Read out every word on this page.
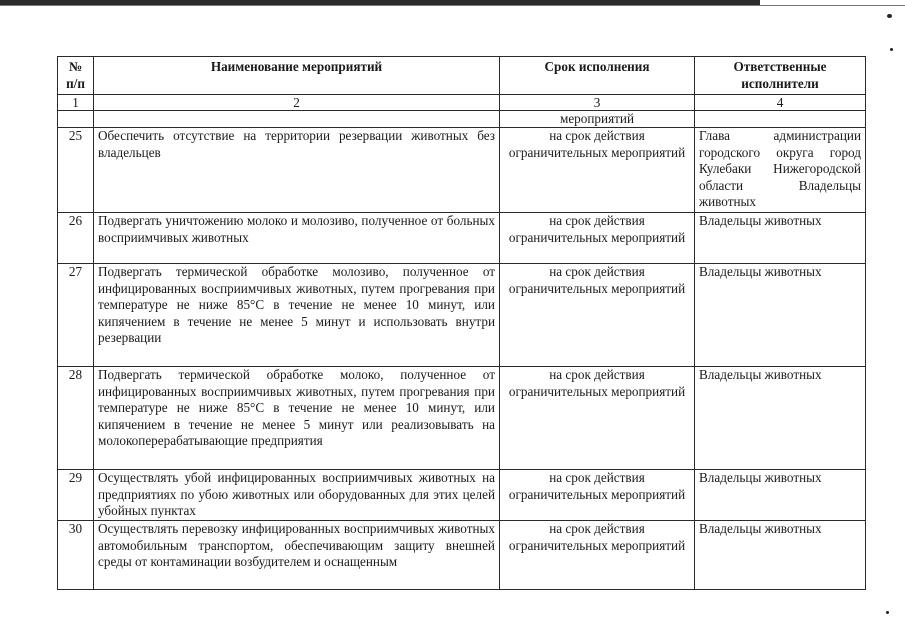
№ п/п	Наименование мероприятий	Срок исполнения	Ответственные исполнители
1	2	3	4
		мероприятий	
25	Обеспечить отсутствие на территории резервации животных без владельцев	на срок действия ограничительных мероприятий	Глава администрации городского округа город Кулебаки Нижегородской области Владельцы животных
26	Подвергать уничтожению молоко и молозиво, полученное от больных восприимчивых животных	на срок действия ограничительных мероприятий	Владельцы животных
27	Подвергать термической обработке молозиво, полученное от инфицированных восприимчивых животных, путем прогревания при температуре не ниже 85°С в течение не менее 10 минут, или кипячением в течение не менее 5 минут и использовать внутри резервации	на срок действия ограничительных мероприятий	Владельцы животных
28	Подвергать термической обработке молоко, полученное от инфицированных восприимчивых животных, путем прогревания при температуре не ниже 85°С в течение не менее 10 минут, или кипячением в течение не менее 5 минут или реализовывать на молокоперерабатывающие предприятия	на срок действия ограничительных мероприятий	Владельцы животных
29	Осуществлять убой инфицированных восприимчивых животных на предприятиях по убою животных или оборудованных для этих целей убойных пунктах	на срок действия ограничительных мероприятий	Владельцы животных
30	Осуществлять перевозку инфицированных восприимчивых животных автомобильным транспортом, обеспечивающим защиту внешней среды от контаминации возбудителем и оснащенным	на срок действия ограничительных мероприятий	Владельцы животных
